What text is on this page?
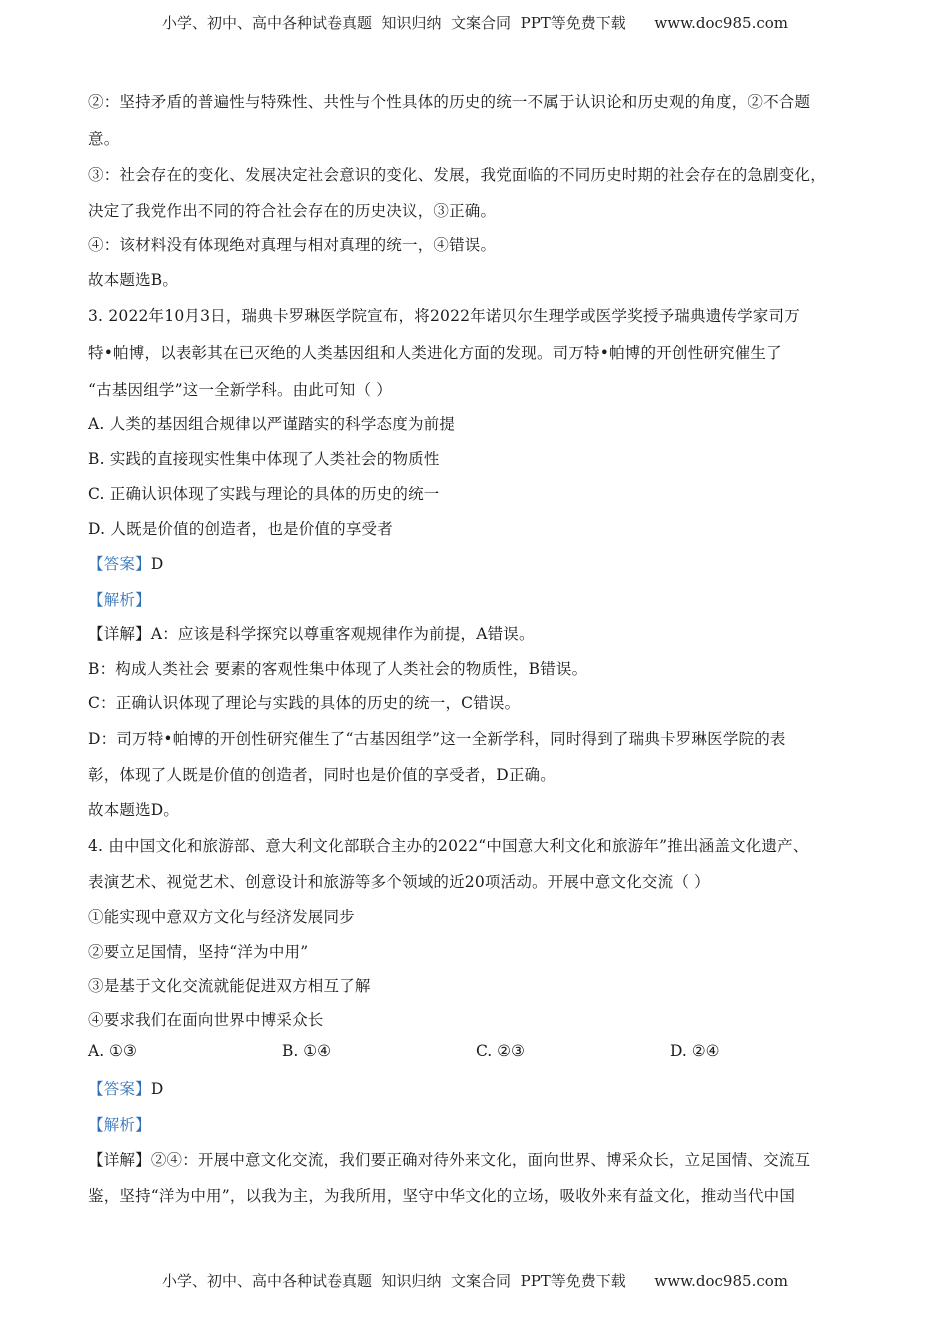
小学、初中、高中各种试卷真题  知识归纳  文案合同  PPT等免费下载      www.doc985.com
②：坚持矛盾的普遍性与特殊性、共性与个性具体的历史的统一不属于认识论和历史观的角度，②不合题
意。
③：社会存在的变化、发展决定社会意识的变化、发展，我党面临的不同历史时期的社会存在的急剧变化，
决定了我党作出不同的符合社会存在的历史决议，③正确。
④：该材料没有体现绝对真理与相对真理的统一，④错误。
故本题选B。
3. 2022年10月3日，瑞典卡罗琳医学院宣布，将2022年诺贝尔生理学或医学奖授予瑞典遗传学家司万
特•帕博，以表彰其在已灭绝的人类基因组和人类进化方面的发现。司万特•帕博的开创性研究催生了
“古基因组学”这一全新学科。由此可知（ ）
A. 人类的基因组合规律以严谨踏实的科学态度为前提
B. 实践的直接现实性集中体现了人类社会的物质性
C. 正确认识体现了实践与理论的具体的历史的统一
D. 人既是价值的创造者，也是价值的享受者
【答案】D
【解析】
【详解】A：应该是科学探究以尊重客观规律作为前提，A错误。
B：构成人类社会 要素的客观性集中体现了人类社会的物质性，B错误。
C：正确认识体现了理论与实践的具体的历史的统一，C错误。
D：司万特•帕博的开创性研究催生了“古基因组学”这一全新学科，同时得到了瑞典卡罗琳医学院的表
彰，体现了人既是价值的创造者，同时也是价值的享受者，D正确。
故本题选D。
4. 由中国文化和旅游部、意大利文化部联合主办的2022“中国意大利文化和旅游年”推出涵盖文化遗产、
表演艺术、视觉艺术、创意设计和旅游等多个领域的近20项活动。开展中意文化交流（ ）
①能实现中意双方文化与经济发展同步
②要立足国情，坚持“洋为中用”
③是基于文化交流就能促进双方相互了解
④要求我们在面向世界中博采众长
A. ①③	B. ①④	C. ②③	D. ②④
【答案】D
【解析】
【详解】②④：开展中意文化交流，我们要正确对待外来文化，面向世界、博采众长，立足国情、交流互
鉴，坚持“洋为中用”，以我为主，为我所用，坚守中华文化的立场，吸收外来有益文化，推动当代中国
小学、初中、高中各种试卷真题  知识归纳  文案合同  PPT等免费下载      www.doc985.com
